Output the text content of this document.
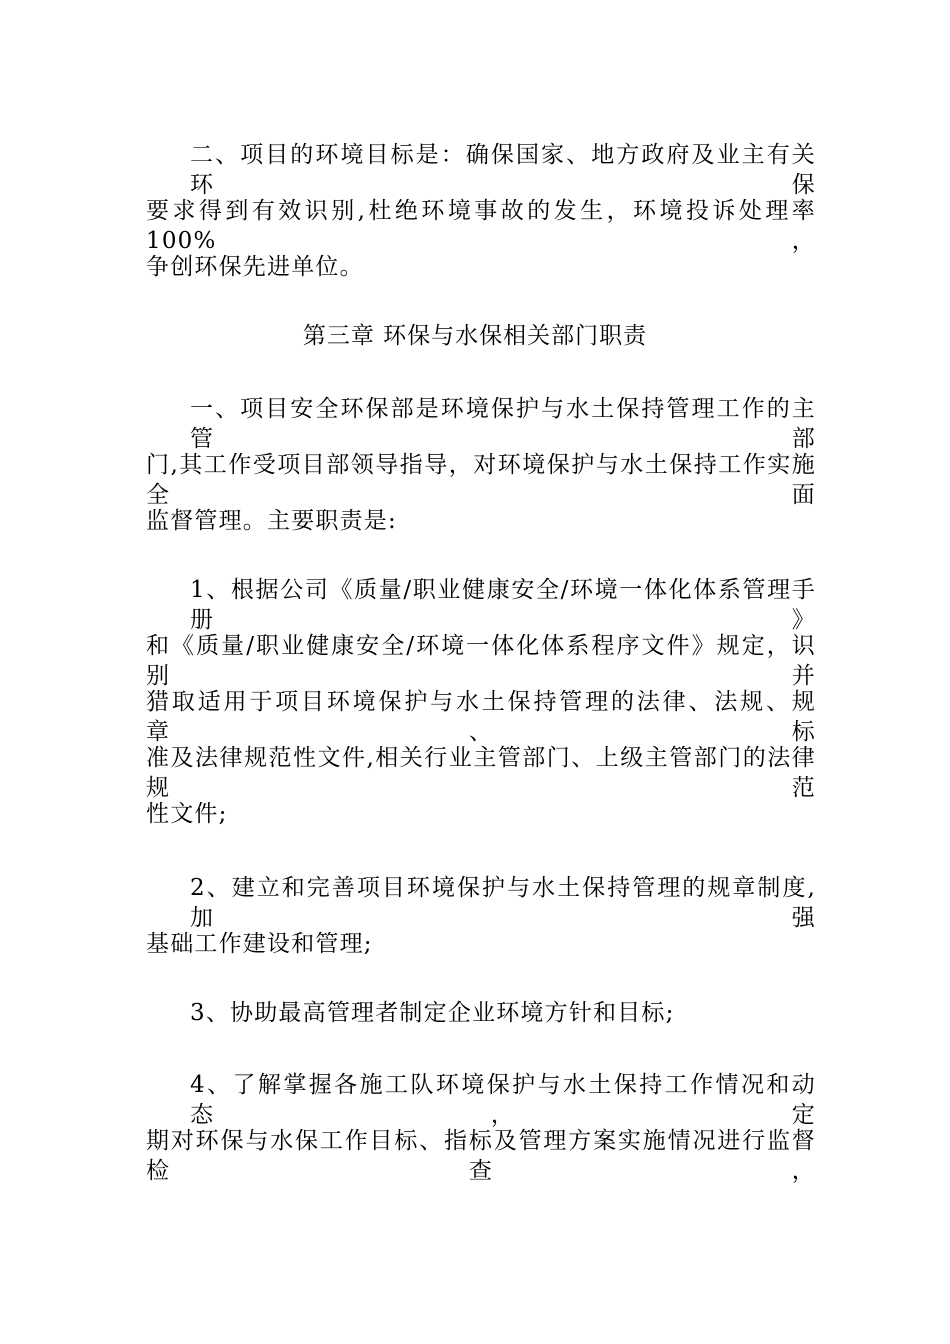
二、项目的环境目标是：确保国家、地方政府及业主有关环保
要求得到有效识别,杜绝环境事故的发生，环境投诉处理率 100%，
争创环保先进单位。
第三章 环保与水保相关部门职责
一、项目安全环保部是环境保护与水土保持管理工作的主管部
门,其工作受项目部领导指导，对环境保护与水土保持工作实施全面
监督管理。主要职责是:
1、根据公司《质量/职业健康安全/环境一体化体系管理手册》
和《质量/职业健康安全/环境一体化体系程序文件》规定，识别并
猎取适用于项目环境保护与水土保持管理的法律、法规、规章、标
准及法律规范性文件,相关行业主管部门、上级主管部门的法律规范
性文件;
2、建立和完善项目环境保护与水土保持管理的规章制度,加强
基础工作建设和管理;
3、协助最高管理者制定企业环境方针和目标;
4、了解掌握各施工队环境保护与水土保持工作情况和动态，定
期对环保与水保工作目标、指标及管理方案实施情况进行监督检查，
